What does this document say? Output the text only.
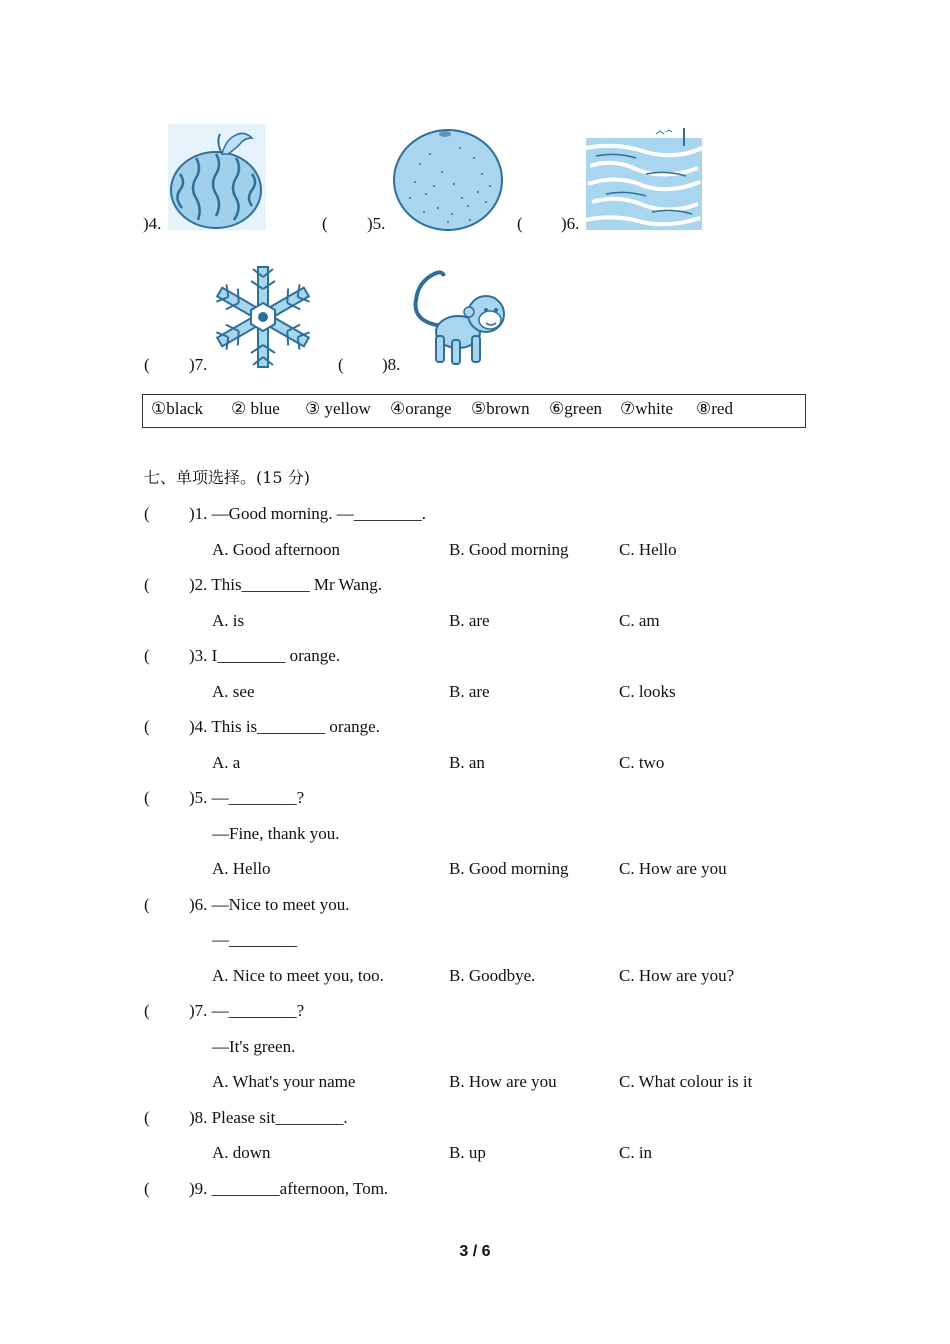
)4.	( )5.	( )6.
( )7.	( )8.
①black ② blue ③ yellow ④orange ⑤brown ⑥green ⑦white ⑧red
七、单项选择。(15 分)
( )1. —Good morning. —________.
A. Good afternoon	B. Good morning	C. Hello
( )2. This________ Mr Wang.
A. is	B. are	C. am
( )3. I________ orange.
A. see	B. are	C. looks
( )4. This is________ orange.
A. a	B. an	C. two
( )5. —________?
—Fine, thank you.
A. Hello	B. Good morning	C. How are you
( )6. —Nice to meet you.
—________
A. Nice to meet you, too.	B. Goodbye.	C. How are you?
( )7. —________?
—It's green.
A. What's your name	B. How are you	C. What colour is it
( )8. Please sit________.
A. down	B. up	C. in
( )9. ________afternoon, Tom.
3 / 6
